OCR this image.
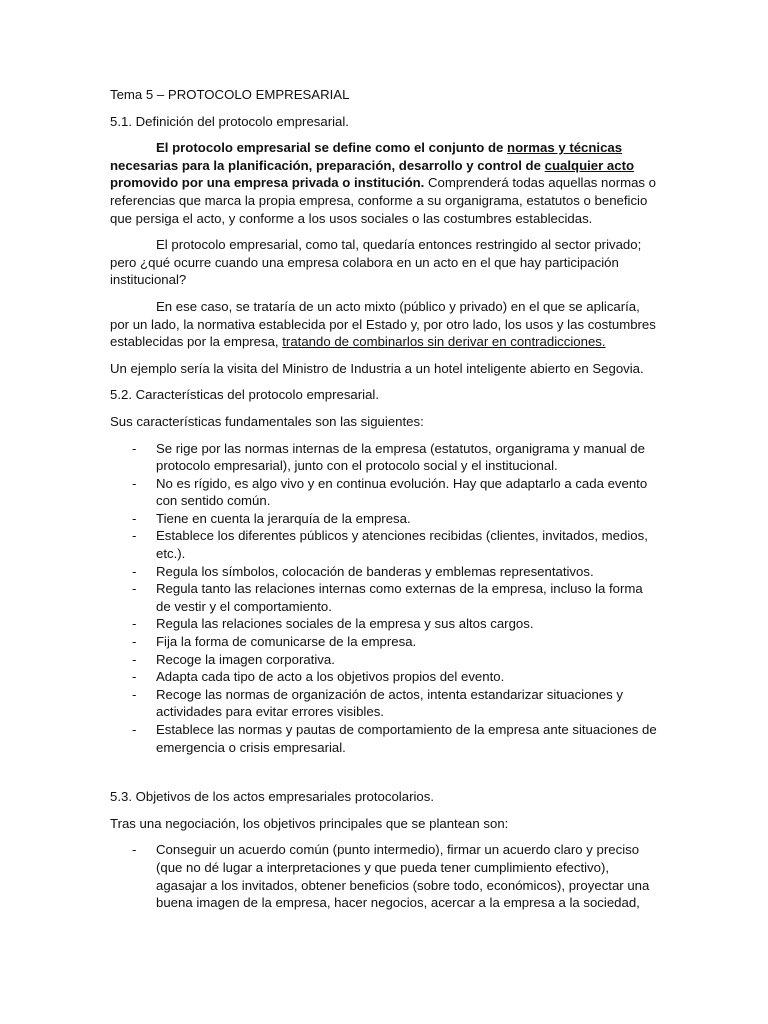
Tema 5 – PROTOCOLO EMPRESARIAL

5.1. Definición del protocolo empresarial.

El protocolo empresarial se define como el conjunto de normas y técnicas necesarias para la planificación, preparación, desarrollo y control de cualquier acto promovido por una empresa privada o institución. Comprenderá todas aquellas normas o referencias que marca la propia empresa, conforme a su organigrama, estatutos o beneficio que persiga el acto, y conforme a los usos sociales o las costumbres establecidas.

El protocolo empresarial, como tal, quedaría entonces restringido al sector privado; pero ¿qué ocurre cuando una empresa colabora en un acto en el que hay participación institucional?

En ese caso, se trataría de un acto mixto (público y privado) en el que se aplicaría, por un lado, la normativa establecida por el Estado y, por otro lado, los usos y las costumbres establecidas por la empresa, tratando de combinarlos sin derivar en contradicciones.

Un ejemplo sería la visita del Ministro de Industria a un hotel inteligente abierto en Segovia.

5.2. Características del protocolo empresarial.

Sus características fundamentales son las siguientes:

- Se rige por las normas internas de la empresa (estatutos, organigrama y manual de protocolo empresarial), junto con el protocolo social y el institucional.
- No es rígido, es algo vivo y en continua evolución. Hay que adaptarlo a cada evento con sentido común.
- Tiene en cuenta la jerarquía de la empresa.
- Establece los diferentes públicos y atenciones recibidas (clientes, invitados, medios, etc.).
- Regula los símbolos, colocación de banderas y emblemas representativos.
- Regula tanto las relaciones internas como externas de la empresa, incluso la forma de vestir y el comportamiento.
- Regula las relaciones sociales de la empresa y sus altos cargos.
- Fija la forma de comunicarse de la empresa.
- Recoge la imagen corporativa.
- Adapta cada tipo de acto a los objetivos propios del evento.
- Recoge las normas de organización de actos, intenta estandarizar situaciones y actividades para evitar errores visibles.
- Establece las normas y pautas de comportamiento de la empresa ante situaciones de emergencia o crisis empresarial.

5.3. Objetivos de los actos empresariales protocolarios.

Tras una negociación, los objetivos principales que se plantean son:

- Conseguir un acuerdo común (punto intermedio), firmar un acuerdo claro y preciso (que no dé lugar a interpretaciones y que pueda tener cumplimiento efectivo), agasajar a los invitados, obtener beneficios (sobre todo, económicos), proyectar una buena imagen de la empresa, hacer negocios, acercar a la empresa a la sociedad,
